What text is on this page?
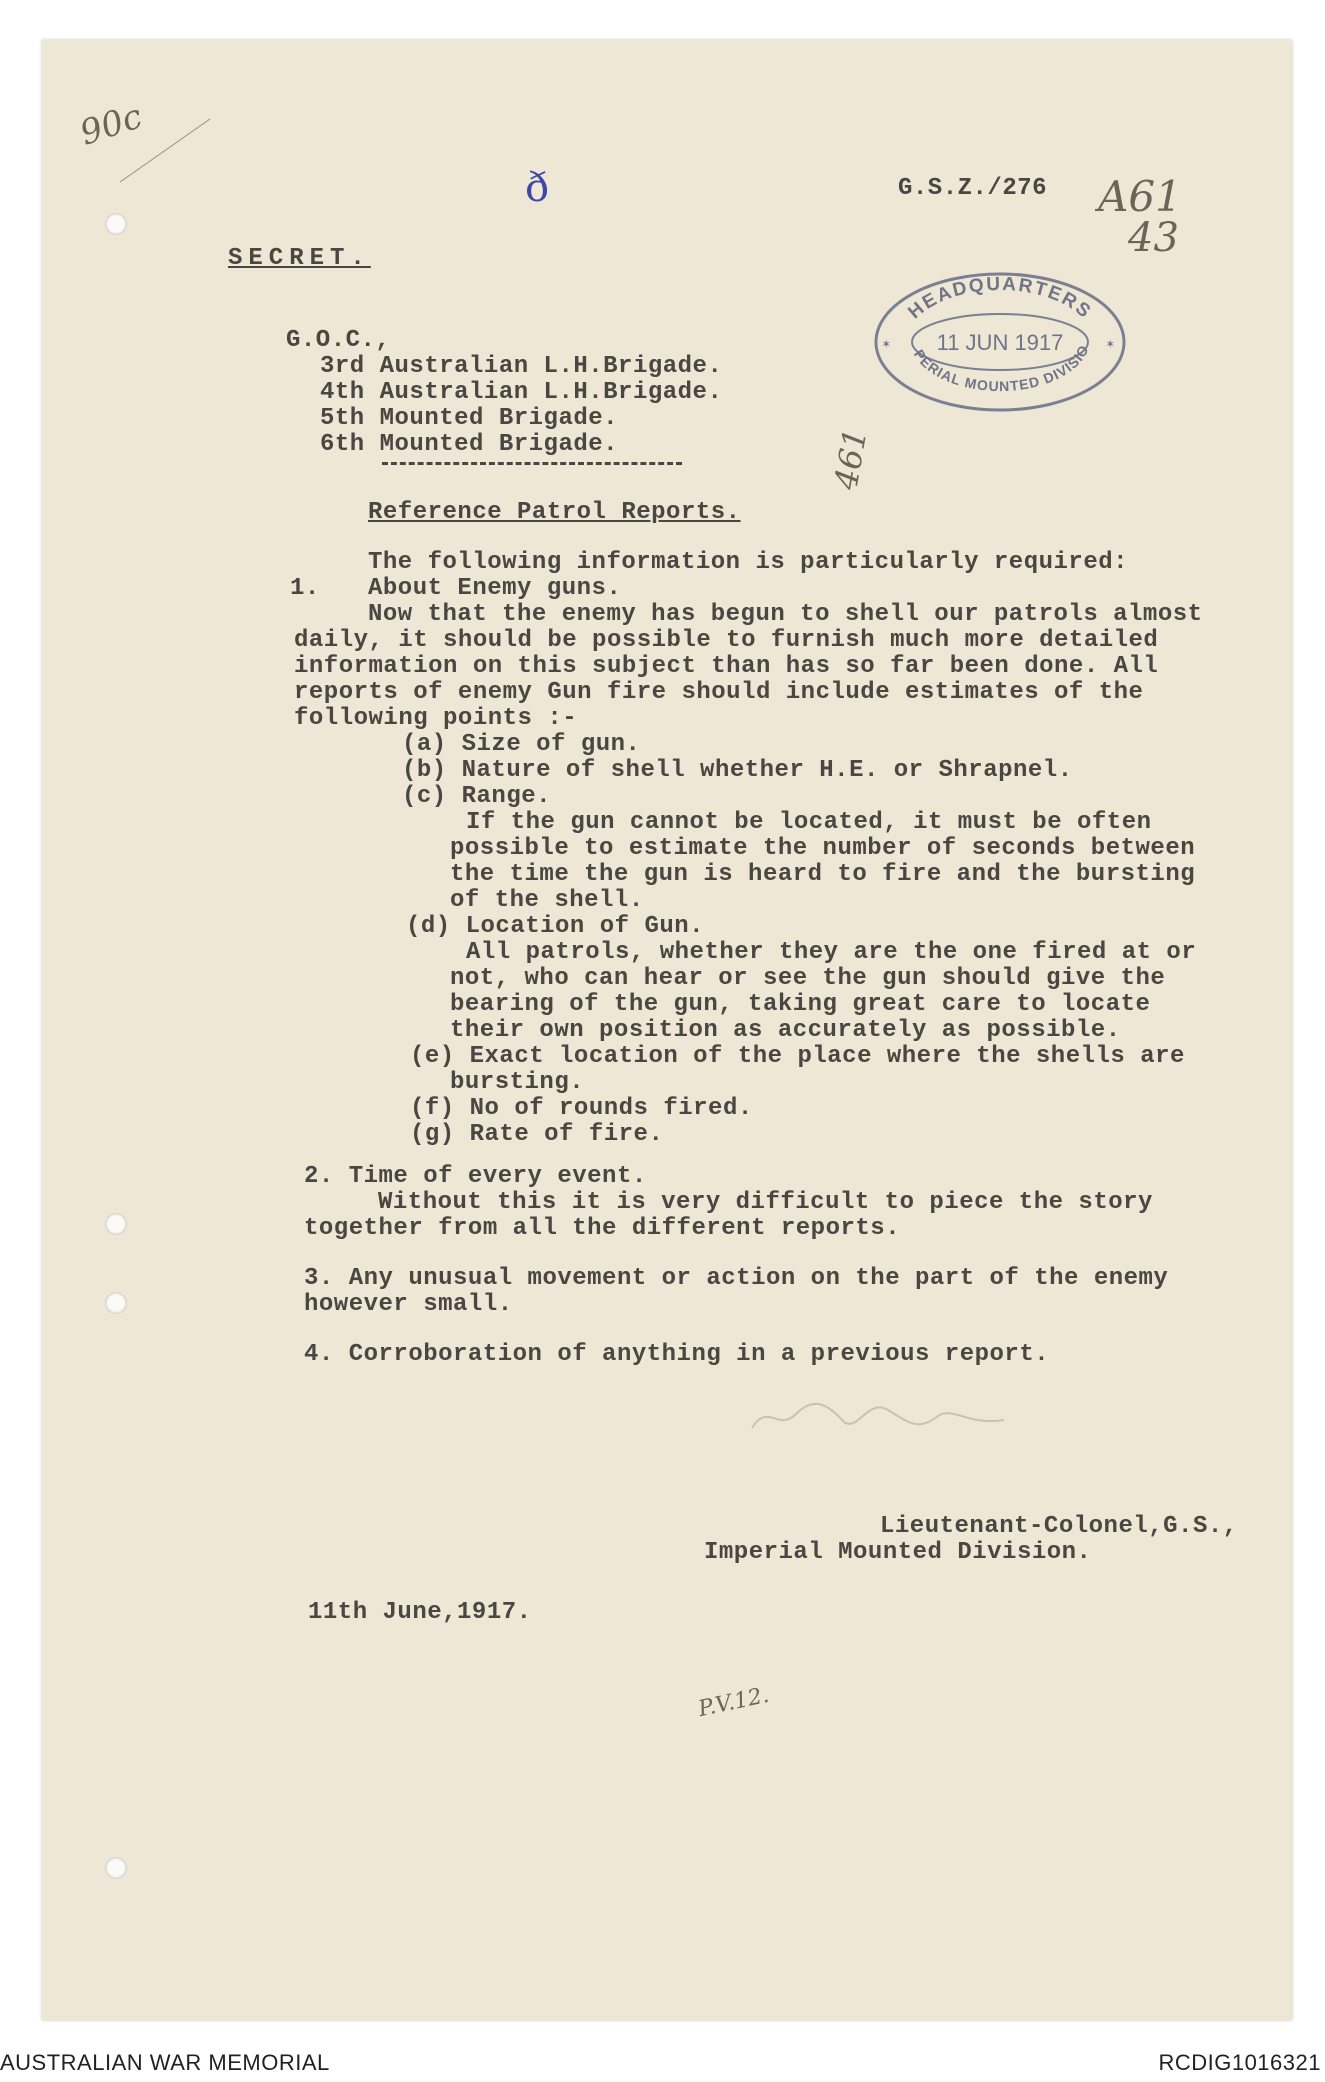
90c
ð	A61
43
461
P.V.12.
HEADQUARTERS
PERIAL MOUNTED DIVISIO
11 JUN 1917
✶	✶
G.S.Z./276
SECRET.
G.O.C.,
3rd Australian L.H.Brigade.
4th Australian L.H.Brigade.
5th Mounted Brigade.
6th Mounted Brigade.
Reference Patrol Reports.
The following information is particularly required:
1. About Enemy guns.
Now that the enemy has begun to shell our patrols almost
daily, it should be possible to furnish much more detailed
information on this subject than has so far been done. All
reports of enemy Gun fire should include estimates of the
following points :-
(a) Size of gun.
(b) Nature of shell whether H.E. or Shrapnel.
(c) Range.
If the gun cannot be located, it must be often
possible to estimate the number of seconds between
the time the gun is heard to fire and the bursting
of the shell.
(d) Location of Gun.
All patrols, whether they are the one fired at or
not, who can hear or see the gun should give the
bearing of the gun, taking great care to locate
their own position as accurately as possible.
(e) Exact location of the place where the shells are
bursting.
(f) No of rounds fired.
(g) Rate of fire.
2. Time of every event.
Without this it is very difficult to piece the story
together from all the different reports.
3. Any unusual movement or action on the part of the enemy
however small.
4. Corroboration of anything in a previous report.
Lieutenant-Colonel,G.S.,
Imperial Mounted Division.
11th June,1917.
AUSTRALIAN WAR MEMORIAL	RCDIG1016321
